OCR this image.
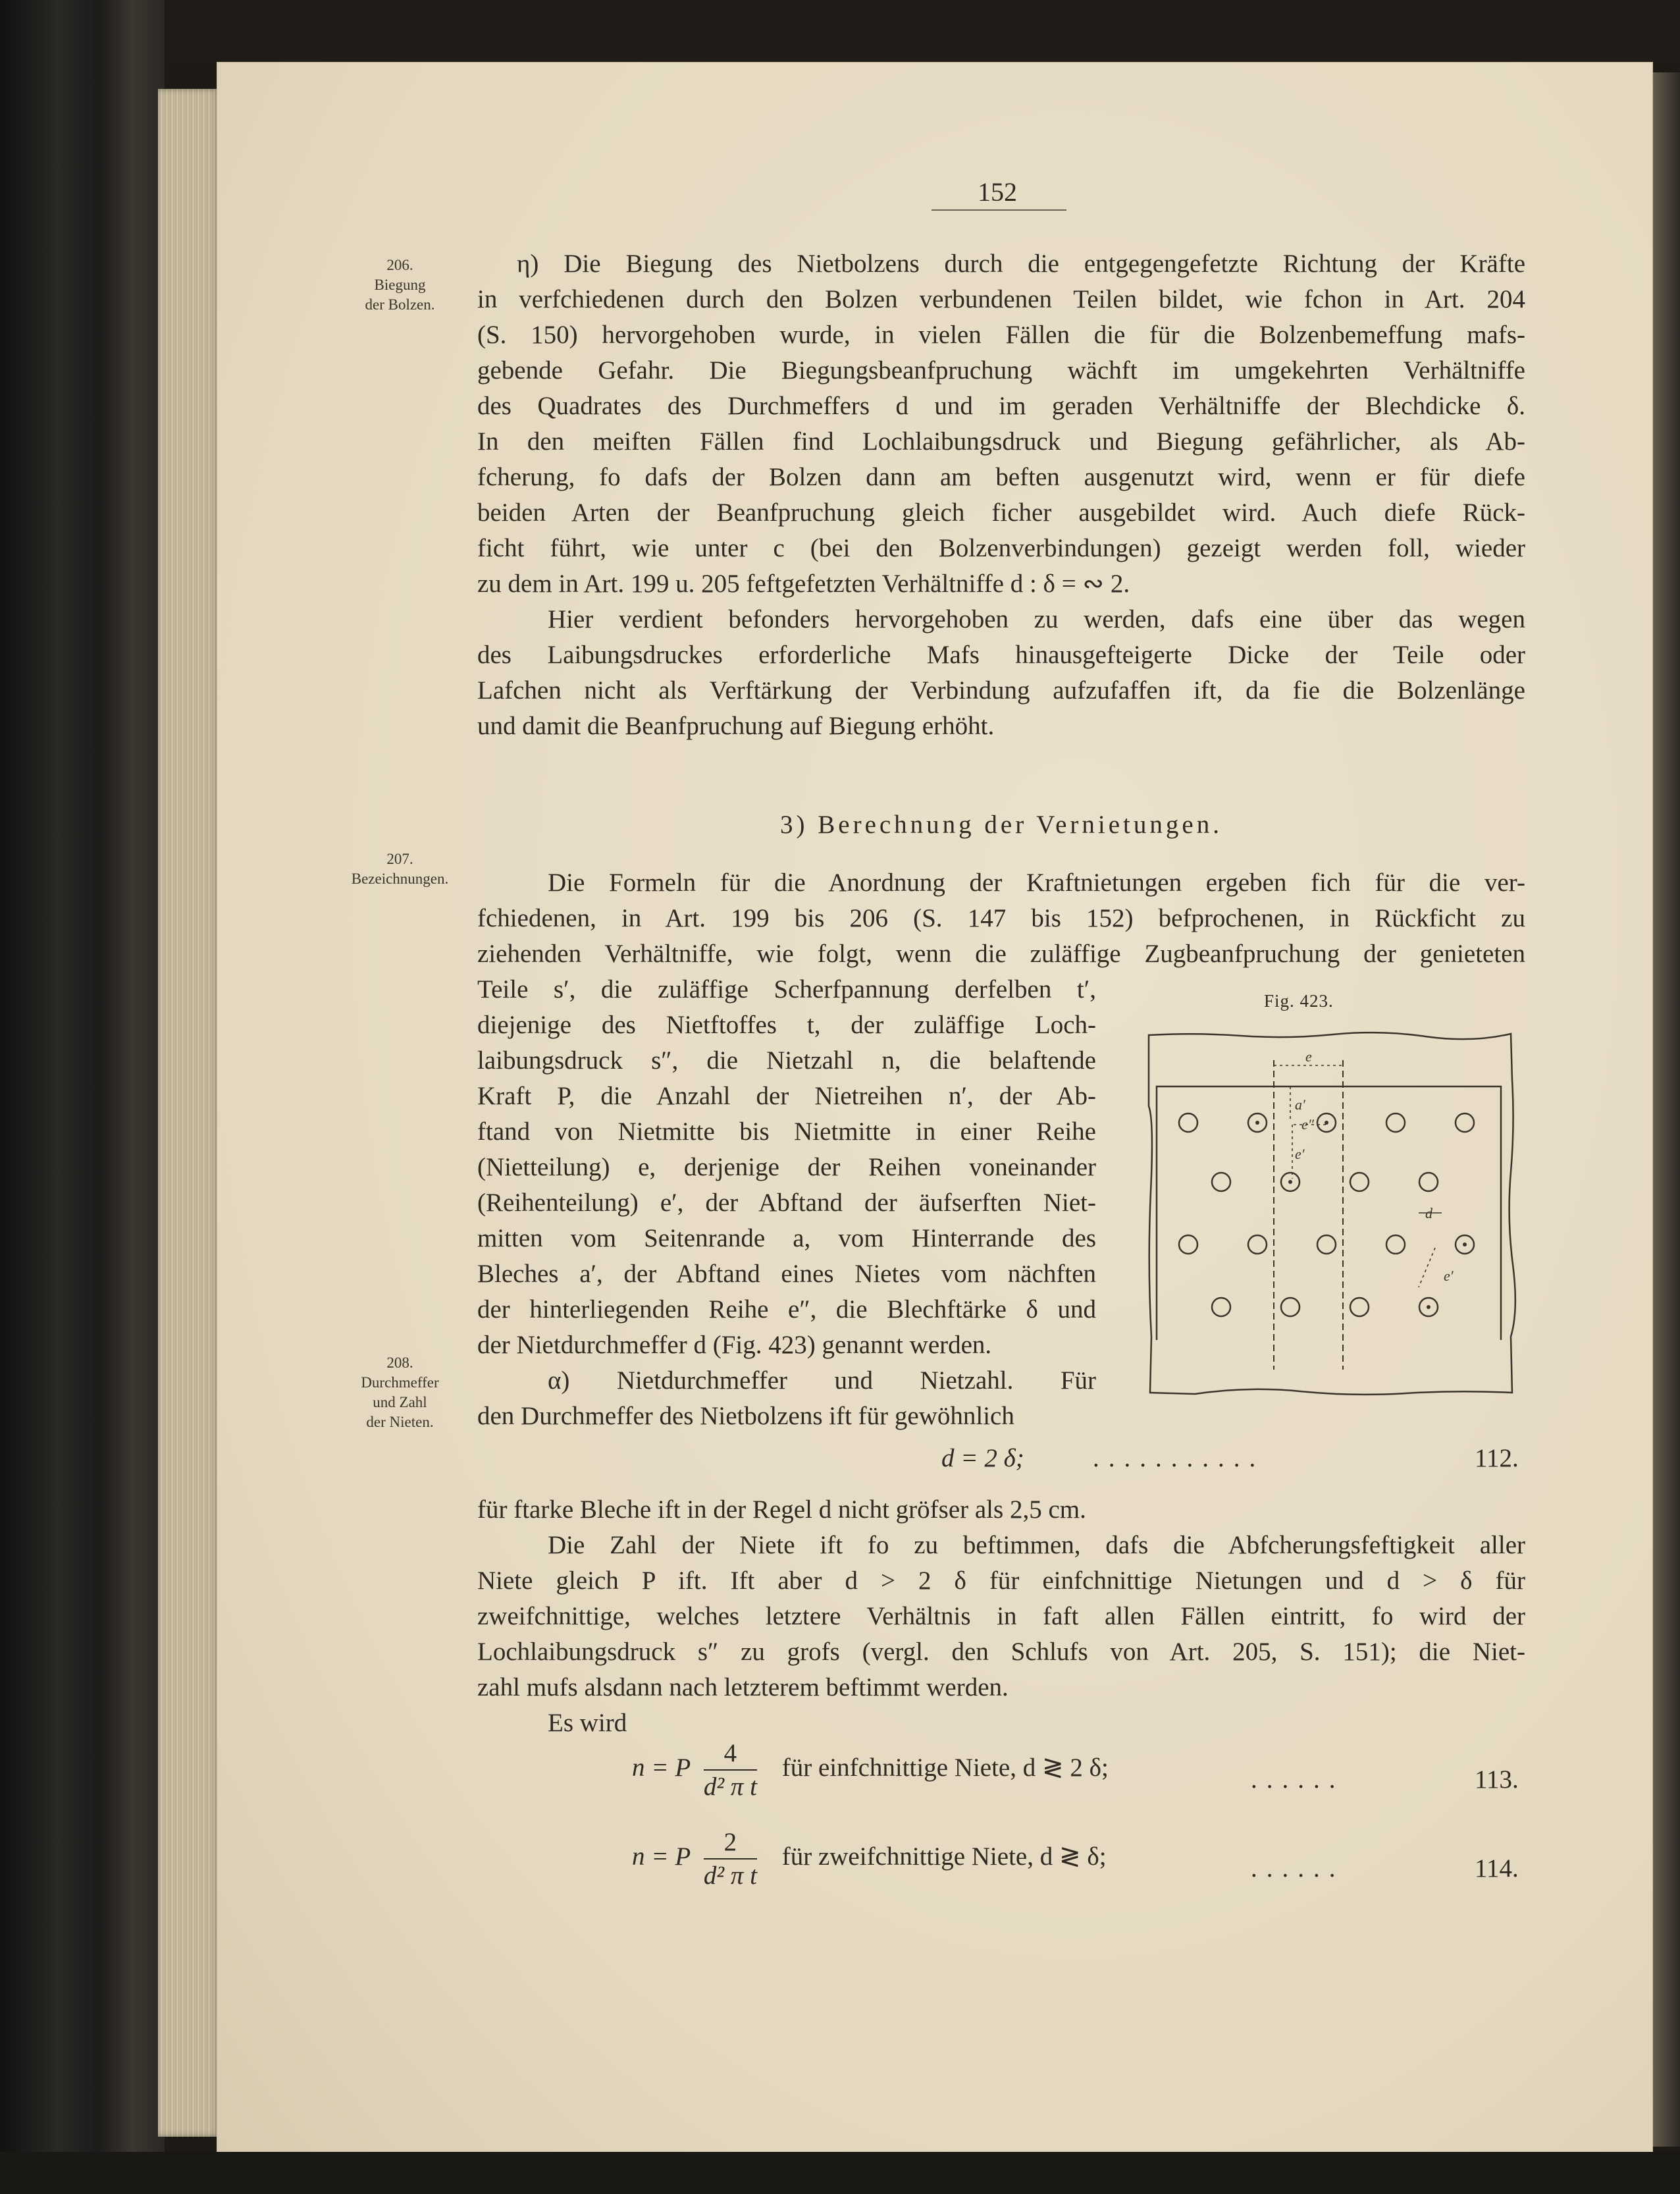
152
206.
Biegung
der Bolzen.
207.
Bezeichnungen.
208.
Durchmeffer
und Zahl
der Nieten.
η) Die Biegung des Nietbolzens durch die entgegengefetzte Richtung der Kräfte
in verfchiedenen durch den Bolzen verbundenen Teilen bildet, wie fchon in Art. 204
(S. 150) hervorgehoben wurde, in vielen Fällen die für die Bolzenbemeffung mafs-
gebende Gefahr. Die Biegungsbeanfpruchung wächft im umgekehrten Verhältniffe
des Quadrates des Durchmeffers d und im geraden Verhältniffe der Blechdicke δ.
In den meiften Fällen find Lochlaibungsdruck und Biegung gefährlicher, als Ab-
fcherung, fo dafs der Bolzen dann am beften ausgenutzt wird, wenn er für diefe
beiden Arten der Beanfpruchung gleich ficher ausgebildet wird. Auch diefe Rück-
ficht führt, wie unter c (bei den Bolzenverbindungen) gezeigt werden foll, wieder
zu dem in Art. 199 u. 205 feftgefetzten Verhältniffe d : δ = ∾ 2.
Hier verdient befonders hervorgehoben zu werden, dafs eine über das wegen
des Laibungsdruckes erforderliche Mafs hinausgefteigerte Dicke der Teile oder
Lafchen nicht als Verftärkung der Verbindung aufzufaffen ift, da fie die Bolzenlänge
und damit die Beanfpruchung auf Biegung erhöht.
3) Berechnung der Vernietungen.
Die Formeln für die Anordnung der Kraftnietungen ergeben fich für die ver-
fchiedenen, in Art. 199 bis 206 (S. 147 bis 152) befprochenen, in Rückficht zu
ziehenden Verhältniffe, wie folgt, wenn die zuläffige Zugbeanfpruchung der genieteten
Teile s′, die zuläffige Scherfpannung derfelben t′,
diejenige des Nietftoffes t, der zuläffige Loch-
laibungsdruck s″, die Nietzahl n, die belaftende
Kraft P, die Anzahl der Nietreihen n′, der Ab-
ftand von Nietmitte bis Nietmitte in einer Reihe
(Nietteilung) e, derjenige der Reihen voneinander
(Reihenteilung) e′, der Abftand der äufserften Niet-
mitten vom Seitenrande a, vom Hinterrande des
Bleches a′, der Abftand eines Nietes vom nächften
der hinterliegenden Reihe e″, die Blechftärke δ und
der Nietdurchmeffer d (Fig. 423) genannt werden.
α) Nietdurchmeffer und Nietzahl. Für
den Durchmeffer des Nietbolzens ift für gewöhnlich
Fig. 423.
e
a′
e″
e′
d
e′
d = 2 δ;	...........	112.
für ftarke Bleche ift in der Regel d nicht gröfser als 2,5 cm.
Die Zahl der Niete ift fo zu beftimmen, dafs die Abfcherungsfeftigkeit aller
Niete gleich P ift. Ift aber d > 2 δ für einfchnittige Nietungen und d > δ für
zweifchnittige, welches letztere Verhältnis in faft allen Fällen eintritt, fo wird der
Lochlaibungsdruck s″ zu grofs (vergl. den Schlufs von Art. 205, S. 151); die Niet-
zahl mufs alsdann nach letzterem beftimmt werden.
Es wird
n = P $\frac{4}{\text{d² π t}}$ für einfchnittige Niete, d ≷ 2 δ;	......	113.
n = P $\frac{2}{\text{d² π t}}$ für zweifchnittige Niete, d ≷ δ;	......	114.
